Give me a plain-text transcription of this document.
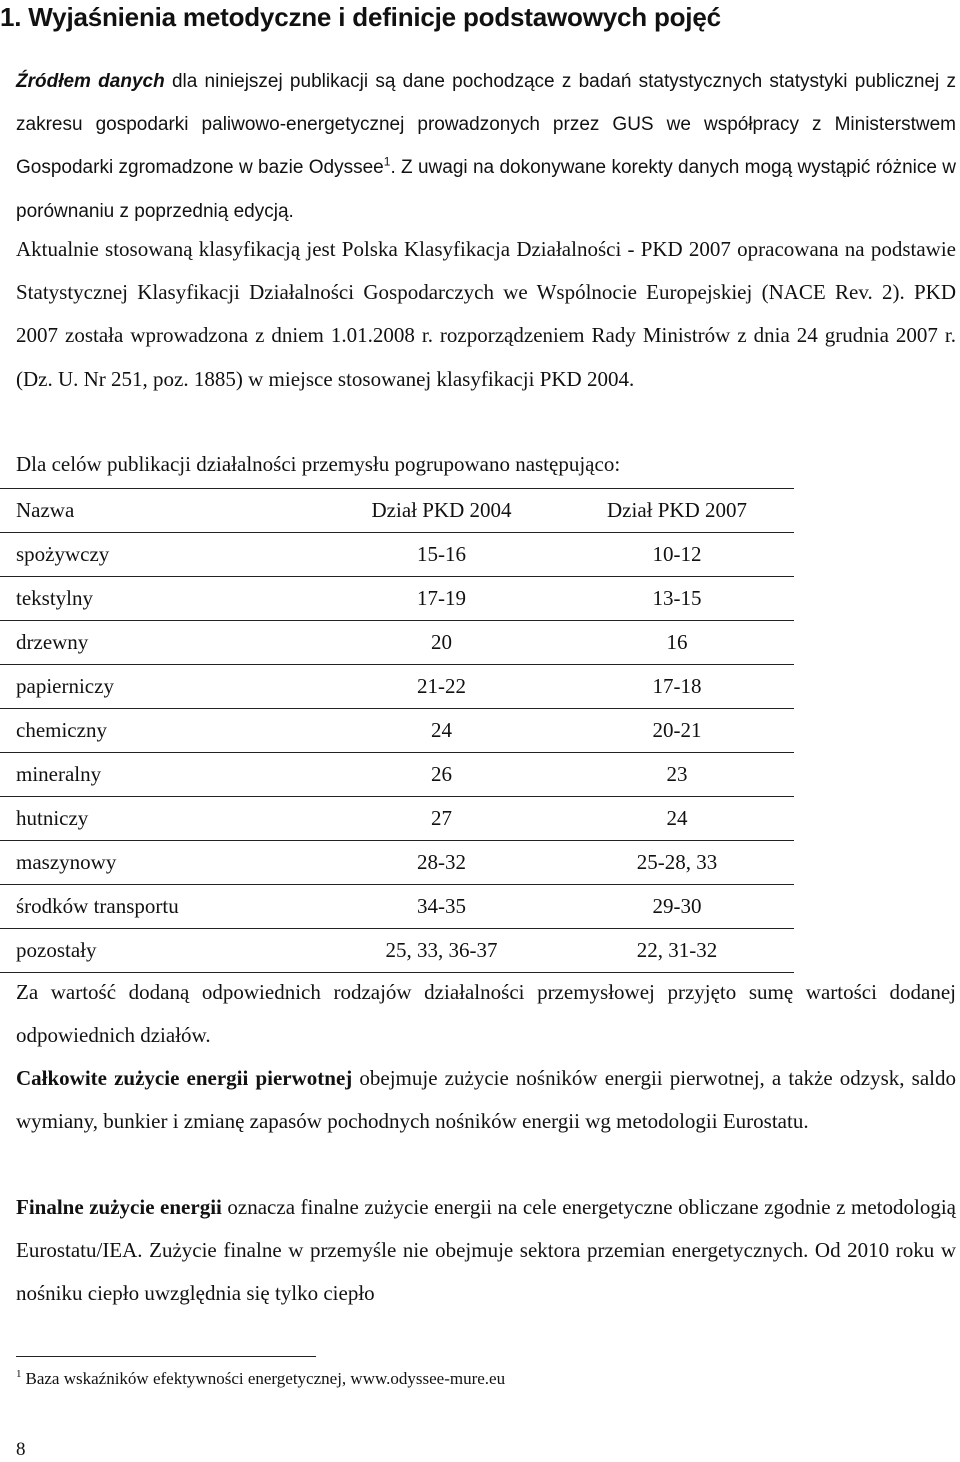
1. Wyjaśnienia metodyczne i definicje podstawowych pojęć

Źródłem danych dla niniejszej publikacji są dane pochodzące z badań statystycznych statystyki publicznej z zakresu gospodarki paliwowo-energetycznej prowadzonych przez GUS we współpracy z Ministerstwem Gospodarki zgromadzone w bazie Odyssee$^1$. Z uwagi na dokonywane korekty danych mogą wystąpić różnice w porównaniu z poprzednią edycją.

Aktualnie stosowaną klasyfikacją jest Polska Klasyfikacja Działalności - PKD 2007 opracowana na podstawie Statystycznej Klasyfikacji Działalności Gospodarczych we Wspólnocie Europejskiej (NACE Rev. 2). PKD 2007 została wprowadzona z dniem 1.01.2008 r. rozporządzeniem Rady Ministrów z dnia 24 grudnia 2007 r. (Dz. U. Nr 251, poz. 1885) w miejsce stosowanej klasyfikacji PKD 2004.

Dla celów publikacji działalności przemysłu pogrupowano następująco:

Nazwa	Dział PKD 2004	Dział PKD 2007
spożywczy	15-16	10-12
tekstylny	17-19	13-15
drzewny	20	16
papierniczy	21-22	17-18
chemiczny	24	20-21
mineralny	26	23
hutniczy	27	24
maszynowy	28-32	25-28, 33
środków transportu	34-35	29-30
pozostały	25, 33, 36-37	22, 31-32

Za wartość dodaną odpowiednich rodzajów działalności przemysłowej przyjęto sumę wartości dodanej odpowiednich działów.

Całkowite zużycie energii pierwotnej obejmuje zużycie nośników energii pierwotnej, a także odzysk, saldo wymiany, bunkier i zmianę zapasów pochodnych nośników energii wg metodologii Eurostatu.

Finalne zużycie energii oznacza finalne zużycie energii na cele energetyczne obliczane zgodnie z metodologią Eurostatu/IEA. Zużycie finalne w przemyśle nie obejmuje sektora przemian energetycznych. Od 2010 roku w nośniku ciepło uwzględnia się tylko ciepło

$^1$ Baza wskaźników efektywności energetycznej, www.odyssee-mure.eu
8
